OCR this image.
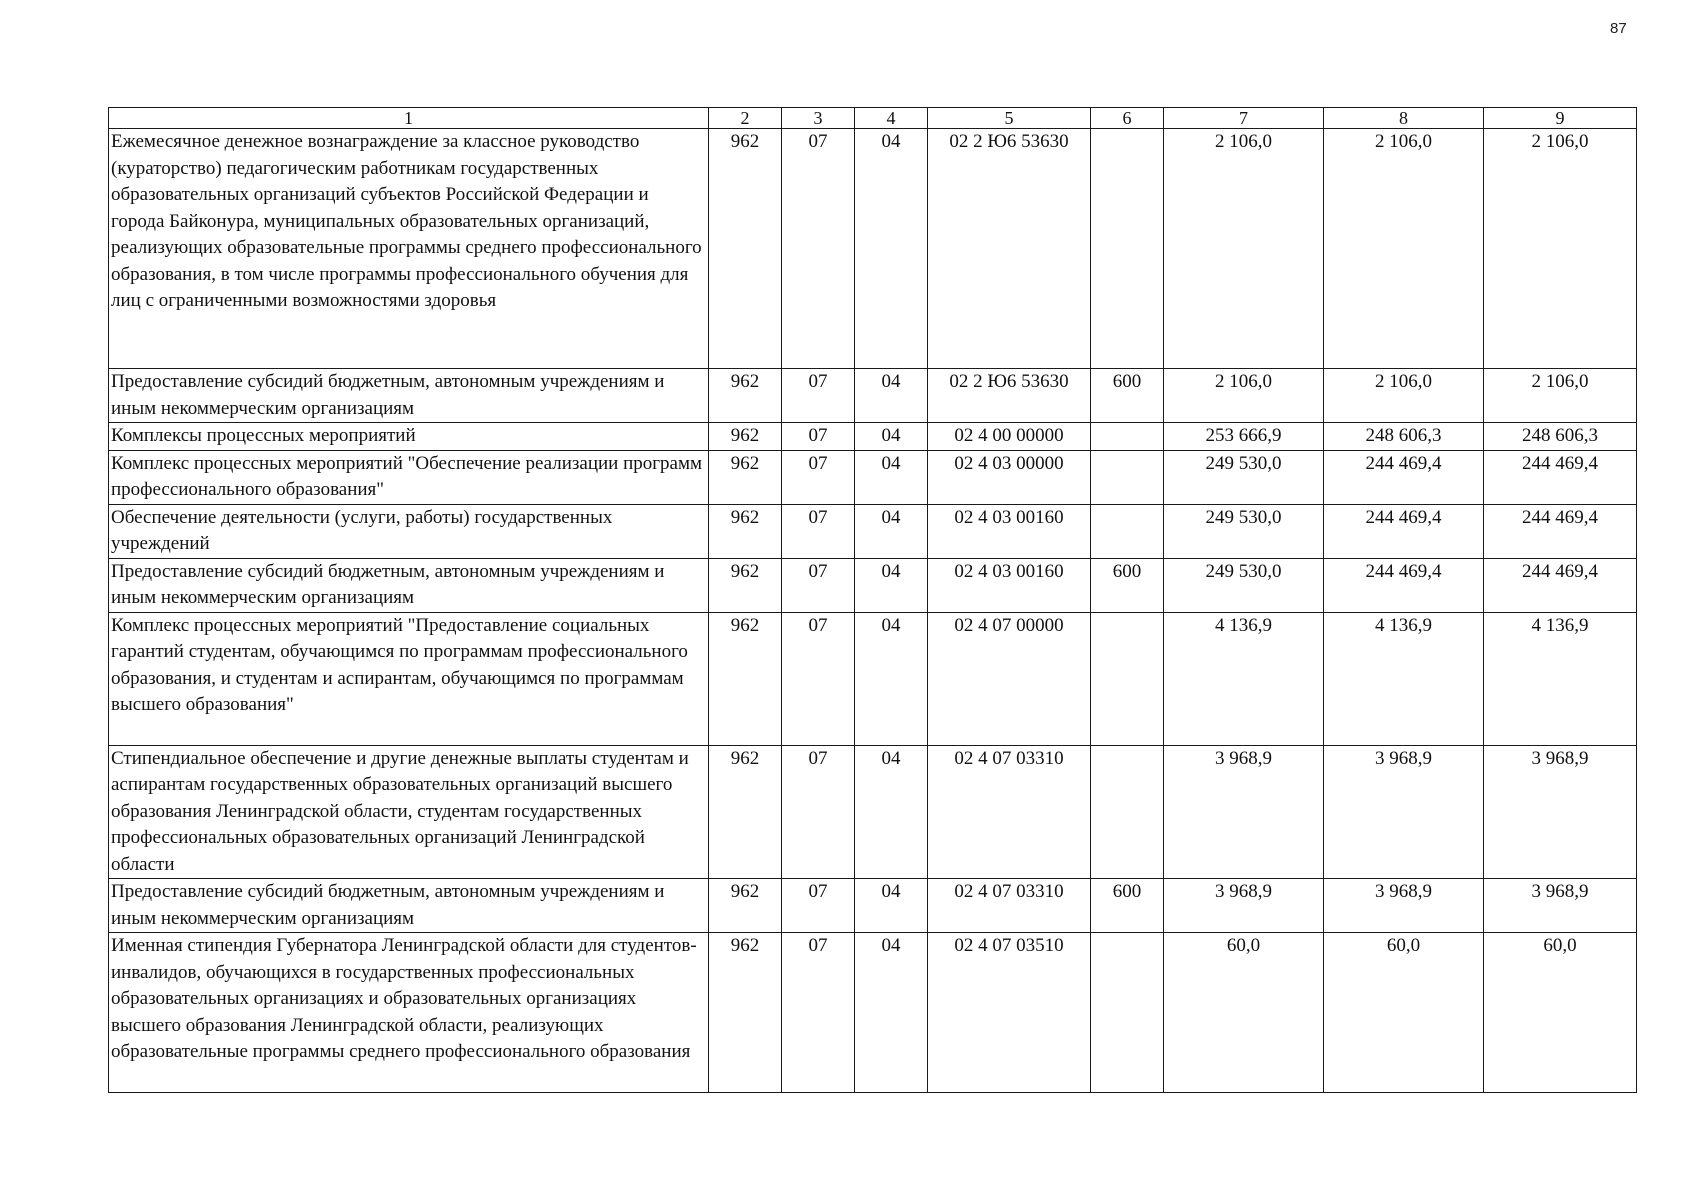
87
1	2	3	4	5	6	7	8	9
Ежемесячное денежное вознаграждение за классное руководство (кураторство) педагогическим работникам государственных образовательных организаций субъектов Российской Федерации и города Байконура, муниципальных образовательных организаций, реализующих образовательные программы среднего профессионального образования, в том числе программы профессионального обучения для лиц с ограниченными возможностями здоровья	962	07	04	02 2 Ю6 53630		2 106,0	2 106,0	2 106,0
Предоставление субсидий бюджетным, автономным учреждениям и иным некоммерческим организациям	962	07	04	02 2 Ю6 53630	600	2 106,0	2 106,0	2 106,0
Комплексы процессных мероприятий	962	07	04	02 4 00 00000		253 666,9	248 606,3	248 606,3
Комплекс процессных мероприятий "Обеспечение реализации программ профессионального образования"	962	07	04	02 4 03 00000		249 530,0	244 469,4	244 469,4
Обеспечение деятельности (услуги, работы) государственных учреждений	962	07	04	02 4 03 00160		249 530,0	244 469,4	244 469,4
Предоставление субсидий бюджетным, автономным учреждениям и иным некоммерческим организациям	962	07	04	02 4 03 00160	600	249 530,0	244 469,4	244 469,4
Комплекс процессных мероприятий "Предоставление социальных гарантий студентам, обучающимся по программам профессионального образования, и студентам и аспирантам, обучающимся по программам высшего образования"	962	07	04	02 4 07 00000		4 136,9	4 136,9	4 136,9
Стипендиальное обеспечение и другие денежные выплаты студентам и аспирантам государственных образовательных организаций высшего образования Ленинградской области, студентам государственных профессиональных образовательных организаций Ленинградской области	962	07	04	02 4 07 03310		3 968,9	3 968,9	3 968,9
Предоставление субсидий бюджетным, автономным учреждениям и иным некоммерческим организациям	962	07	04	02 4 07 03310	600	3 968,9	3 968,9	3 968,9
Именная стипендия Губернатора Ленинградской области для студентов-инвалидов, обучающихся в государственных профессиональных образовательных организациях и образовательных организациях высшего образования Ленинградской области, реализующих образовательные программы среднего профессионального образования	962	07	04	02 4 07 03510		60,0	60,0	60,0
